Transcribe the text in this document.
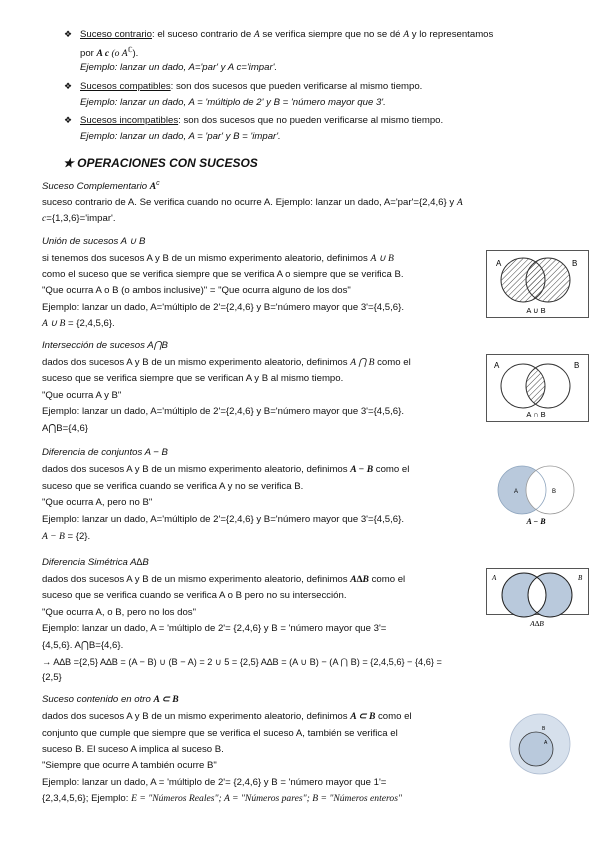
❖ Suceso contrario: el suceso contrario de A se verifica siempre que no se dé A y lo representamos
por A c (o $A^ℂ$).
Ejemplo: lanzar un dado, A='par' y A c='impar'.
❖ Sucesos compatibles: son dos sucesos que pueden verificarse al mismo tiempo.
Ejemplo: lanzar un dado, A = 'múltiplo de 2' y B = 'número mayor que 3'.
❖ Sucesos incompatibles: son dos sucesos que no pueden verificarse al mismo tiempo.
Ejemplo: lanzar un dado, A = 'par' y B = 'impar'.
★ OPERACIONES CON SUCESOS
Suceso Complementario $A^c$
suceso contrario de A. Se verifica cuando no ocurre A. Ejemplo: lanzar un dado, A='par'={2,4,6} y A
c={1,3,6}='impar'.
Unión de sucesos A ∪ B
si tenemos dos sucesos A y B de un mismo experimento aleatorio, definimos A ∪ B
como el suceso que se verifica siempre que se verifica A o siempre que se verifica B.
"Que ocurra A o B (o ambos inclusive)" = "Que ocurra alguno de los dos"
Ejemplo: lanzar un dado, A='múltiplo de 2'={2,4,6} y B='número mayor que 3'={4,5,6}.
A ∪ B = {2,4,5,6}.
A	B
A ∪ B
Intersección de sucesos A⋂B
dados dos sucesos A y B de un mismo experimento aleatorio, definimos A ⋂ B como el
suceso que se verifica siempre que se verifican A y B al mismo tiempo.
"Que ocurra A y B"
Ejemplo: lanzar un dado, A='múltiplo de 2'={2,4,6} y B='número mayor que 3'={4,5,6}.
A⋂B={4,6}
A	B
A ∩ B
Diferencia de conjuntos A − B
dados dos sucesos A y B de un mismo experimento aleatorio, definimos A − B como el
suceso que se verifica cuando se verifica A y no se verifica B.
"Que ocurra A, pero no B"
Ejemplo: lanzar un dado, A='múltiplo de 2'={2,4,6} y B='número mayor que 3'={4,5,6}.
A − B = {2}.
A	B
A − B
Diferencia Simétrica A∆B
dados dos sucesos A y B de un mismo experimento aleatorio, definimos A∆B como el
suceso que se verifica cuando se verifica A o B pero no su intersección.
"Que ocurra A, o B, pero no los dos"
Ejemplo: lanzar un dado, A = 'múltiplo de 2'= {2,4,6} y B = 'número mayor que 3'=
{4,5,6}. A⋂B={4,6}.
→ A∆B ={2,5} A∆B = (A − B) ∪ (B − A) = 2 ∪ 5 = {2,5} A∆B = (A ∪ B) − (A ⋂ B) = {2,4,5,6} − {4,6} =
{2,5}
A	B
A∆B
Suceso contenido en otro A ⊂ B
dados dos sucesos A y B de un mismo experimento aleatorio, definimos A ⊂ B como el
conjunto que cumple que siempre que se verifica el suceso A, también se verifica el
suceso B. El suceso A implica al suceso B.
"Siempre que ocurre A también ocurre B"
Ejemplo: lanzar un dado, A = 'múltiplo de 2'= {2,4,6} y B = 'número mayor que 1'=
{2,3,4,5,6}; Ejemplo: E = "Números Reales"; A = "Números pares"; B = "Números enteros"
B
A
